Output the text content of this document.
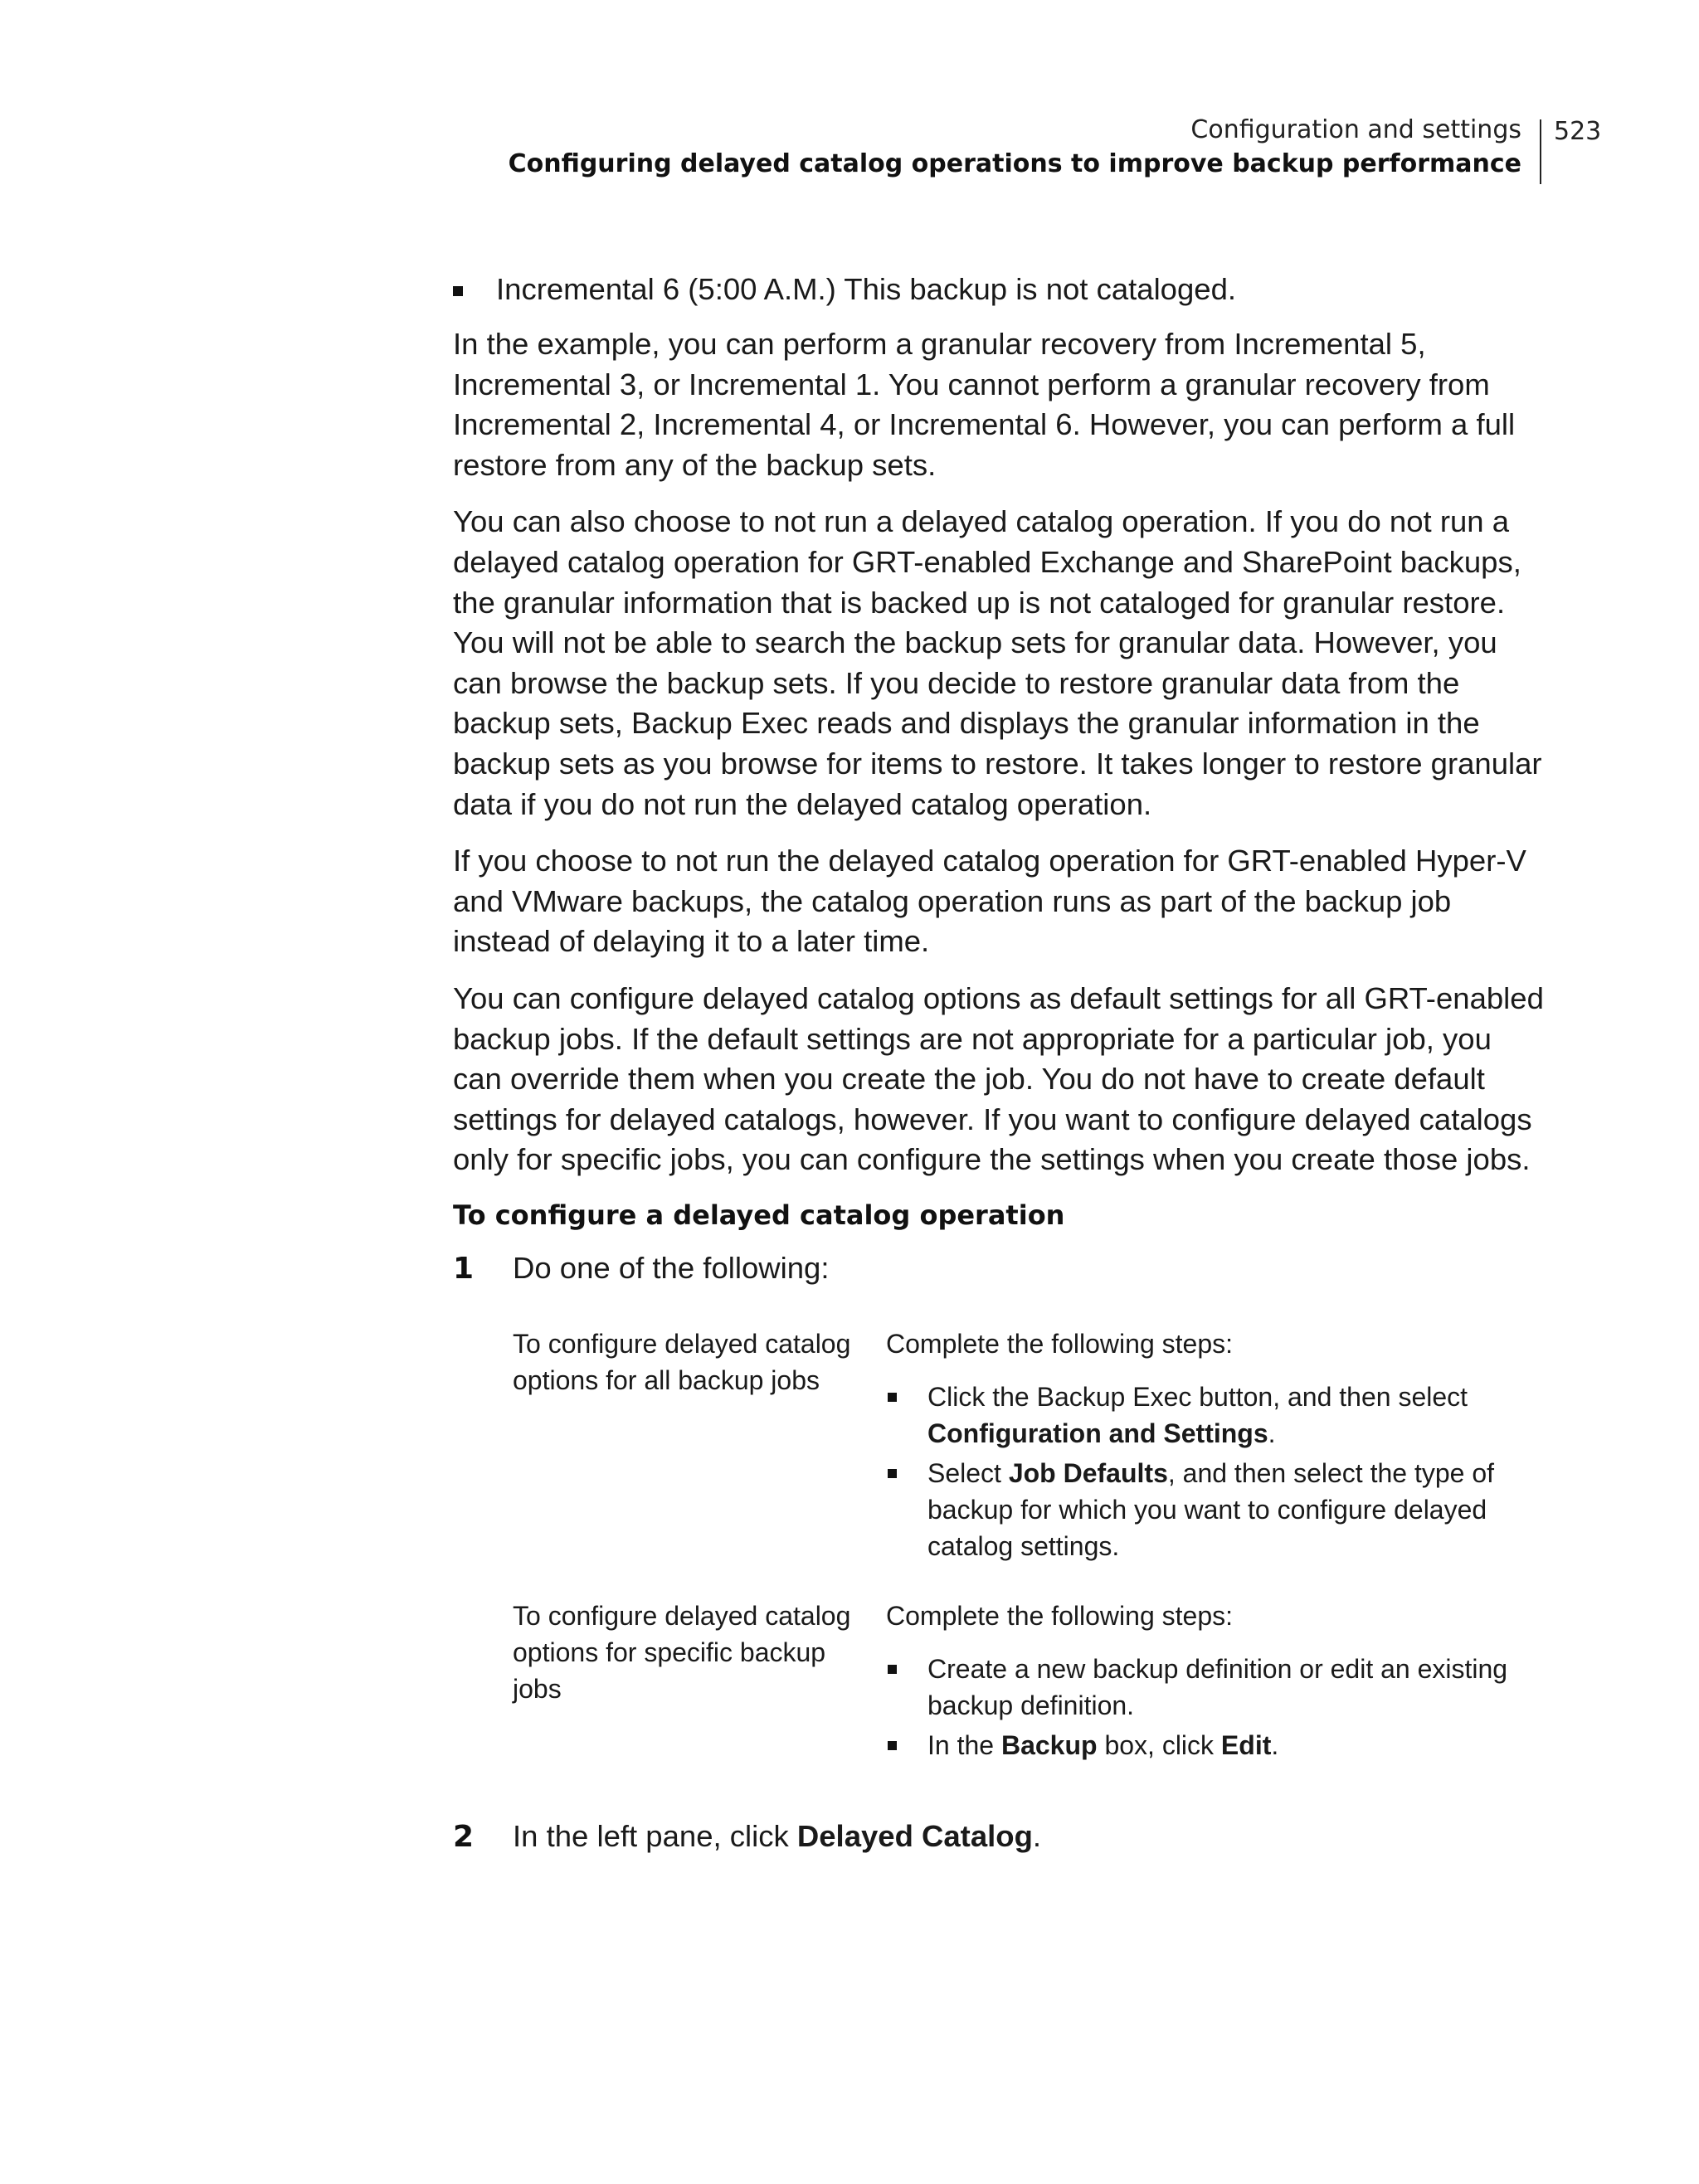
Configuration and settings
Configuring delayed catalog operations to improve backup performance
523
Incremental 6 (5:00 A.M.) This backup is not cataloged.

In the example, you can perform a granular recovery from Incremental 5, Incremental 3, or Incremental 1. You cannot perform a granular recovery from Incremental 2, Incremental 4, or Incremental 6. However, you can perform a full restore from any of the backup sets.

You can also choose to not run a delayed catalog operation. If you do not run a delayed catalog operation for GRT-enabled Exchange and SharePoint backups, the granular information that is backed up is not cataloged for granular restore. You will not be able to search the backup sets for granular data. However, you can browse the backup sets. If you decide to restore granular data from the backup sets, Backup Exec reads and displays the granular information in the backup sets as you browse for items to restore. It takes longer to restore granular data if you do not run the delayed catalog operation.

If you choose to not run the delayed catalog operation for GRT-enabled Hyper-V and VMware backups, the catalog operation runs as part of the backup job instead of delaying it to a later time.

You can configure delayed catalog options as default settings for all GRT-enabled backup jobs. If the default settings are not appropriate for a particular job, you can override them when you create the job. You do not have to create default settings for delayed catalogs, however. If you want to configure delayed catalogs only for specific jobs, you can configure the settings when you create those jobs.

To configure a delayed catalog operation
1	Do one of the following:
To configure delayed catalog options for all backup jobs	Complete the following steps:
Click the Backup Exec button, and then select Configuration and Settings.
Select Job Defaults, and then select the type of backup for which you want to configure delayed catalog settings.

To configure delayed catalog options for specific backup jobs	Complete the following steps:
Create a new backup definition or edit an existing backup definition.
In the Backup box, click Edit.
2	In the left pane, click Delayed Catalog.
